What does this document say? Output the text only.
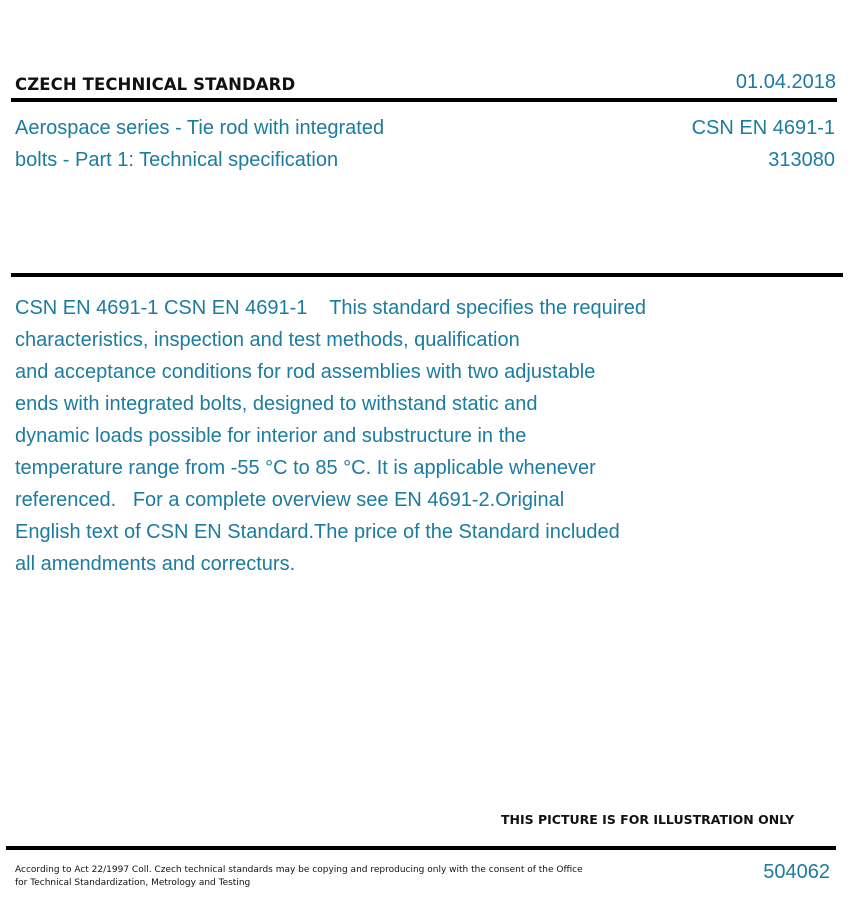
CZECH TECHNICAL STANDARD	01.04.2018
Aerospace series - Tie rod with integrated
bolts - Part 1: Technical specification
CSN EN 4691-1
313080
CSN EN 4691-1 CSN EN 4691-1    This standard specifies the required
characteristics, inspection and test methods, qualification
and acceptance conditions for rod assemblies with two adjustable
ends with integrated bolts, designed to withstand static and
dynamic loads possible for interior and substructure in the
temperature range from -55 °C to 85 °C. It is applicable whenever
referenced.   For a complete overview see EN 4691-2.Original
English text of CSN EN Standard.The price of the Standard included
all amendments and correcturs.
THIS PICTURE IS FOR ILLUSTRATION ONLY
According to Act 22/1997 Coll. Czech technical standards may be copying and reproducing only with the consent of the Office
for Technical Standardization, Metrology and Testing	504062
